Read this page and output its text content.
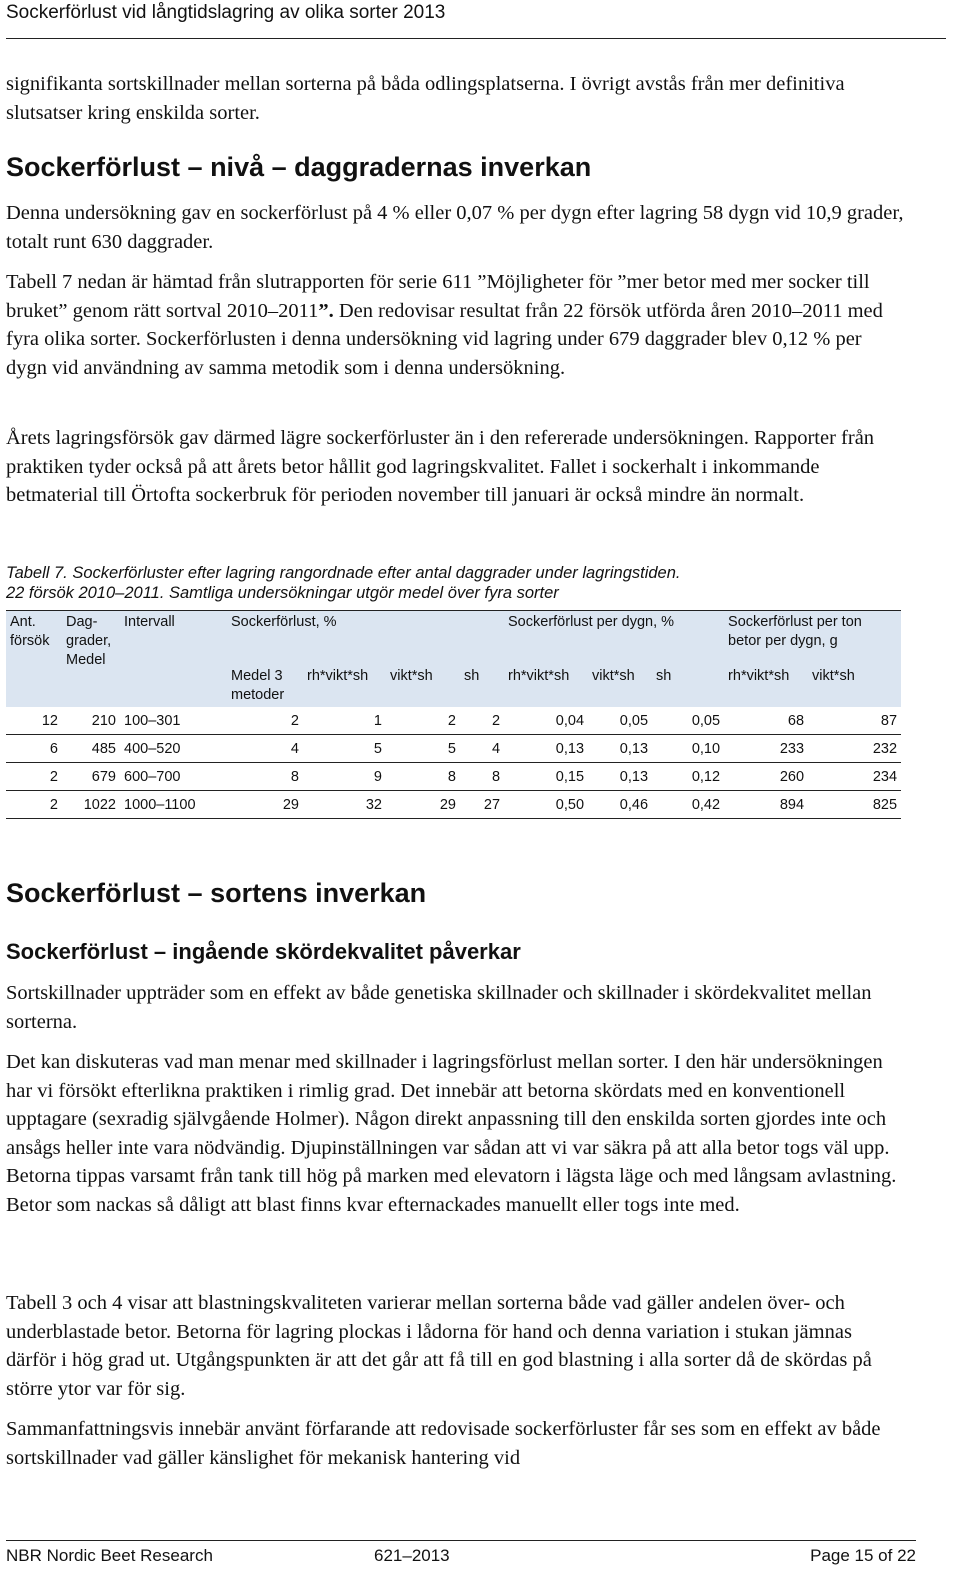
Sockerförlust vid långtidslagring av olika sorter 2013

signifikanta sortskillnader mellan sorterna på båda odlingsplatserna. I övrigt avstås från mer definitiva slutsatser kring enskilda sorter.

Sockerförlust – nivå – daggradernas inverkan

Denna undersökning gav en sockerförlust på 4 % eller 0,07 % per dygn efter lagring 58 dygn vid 10,9 grader, totalt runt 630 daggrader.

Tabell 7 nedan är hämtad från slutrapporten för serie 611 ”Möjligheter för ”mer betor med mer socker till bruket” genom rätt sortval 2010–2011”. Den redovisar resultat från 22 försök utförda åren 2010–2011 med fyra olika sorter. Sockerförlusten i denna undersökning vid lagring under 679 daggrader blev 0,12 % per dygn vid användning av samma metodik som i denna undersökning.

Årets lagringsförsök gav därmed lägre sockerförluster än i den refererade undersökningen. Rapporter från praktiken tyder också på att årets betor hållit god lagringskvalitet. Fallet i sockerhalt i inkommande betmaterial till Örtofta sockerbruk för perioden november till januari är också mindre än normalt.

Tabell 7. Sockerförluster efter lagring rangordnade efter antal daggrader under lagringstiden.
22 försök 2010–2011. Samtliga undersökningar utgör medel över fyra sorter
Ant. försök	Daggrader, Medel	Intervall	Sockerförlust, %				Sockerförlust per dygn, %			Sockerförlust per ton betor per dygn, g	
			Medel 3 metoder	rh*vikt*sh	vikt*sh	sh	rh*vikt*sh	vikt*sh	sh	rh*vikt*sh	vikt*sh
12	210	100–301	2	1	2	2	0,04	0,05	0,05	68	87
6	485	400–520	4	5	5	4	0,13	0,13	0,10	233	232
2	679	600–700	8	9	8	8	0,15	0,13	0,12	260	234
2	1022	1000–1100	29	32	29	27	0,50	0,46	0,42	894	825
Sockerförlust – sortens inverkan
Sockerförlust – ingående skördekvalitet påverkar

Sortskillnader uppträder som en effekt av både genetiska skillnader och skillnader i skördekvalitet mellan sorterna.

Det kan diskuteras vad man menar med skillnader i lagringsförlust mellan sorter. I den här undersökningen har vi försökt efterlikna praktiken i rimlig grad. Det innebär att betorna skördats med en konventionell upptagare (sexradig självgående Holmer). Någon direkt anpassning till den enskilda sorten gjordes inte och ansågs heller inte vara nödvändig. Djupinställningen var sådan att vi var säkra på att alla betor togs väl upp. Betorna tippas varsamt från tank till hög på marken med elevatorn i lägsta läge och med långsam avlastning. Betor som nackas så dåligt att blast finns kvar efternackades manuellt eller togs inte med.

Tabell 3 och 4 visar att blastningskvaliteten varierar mellan sorterna både vad gäller andelen över- och underblastade betor. Betorna för lagring plockas i lådorna för hand och denna variation i stukan jämnas därför i hög grad ut. Utgångspunkten är att det går att få till en god blastning i alla sorter då de skördas på större ytor var för sig.

Sammanfattningsvis innebär använt förfarande att redovisade sockerförluster får ses som en effekt av både sortskillnader vad gäller känslighet för mekanisk hantering vid

NBR Nordic Beet Research	621–2013	Page 15 of 22
